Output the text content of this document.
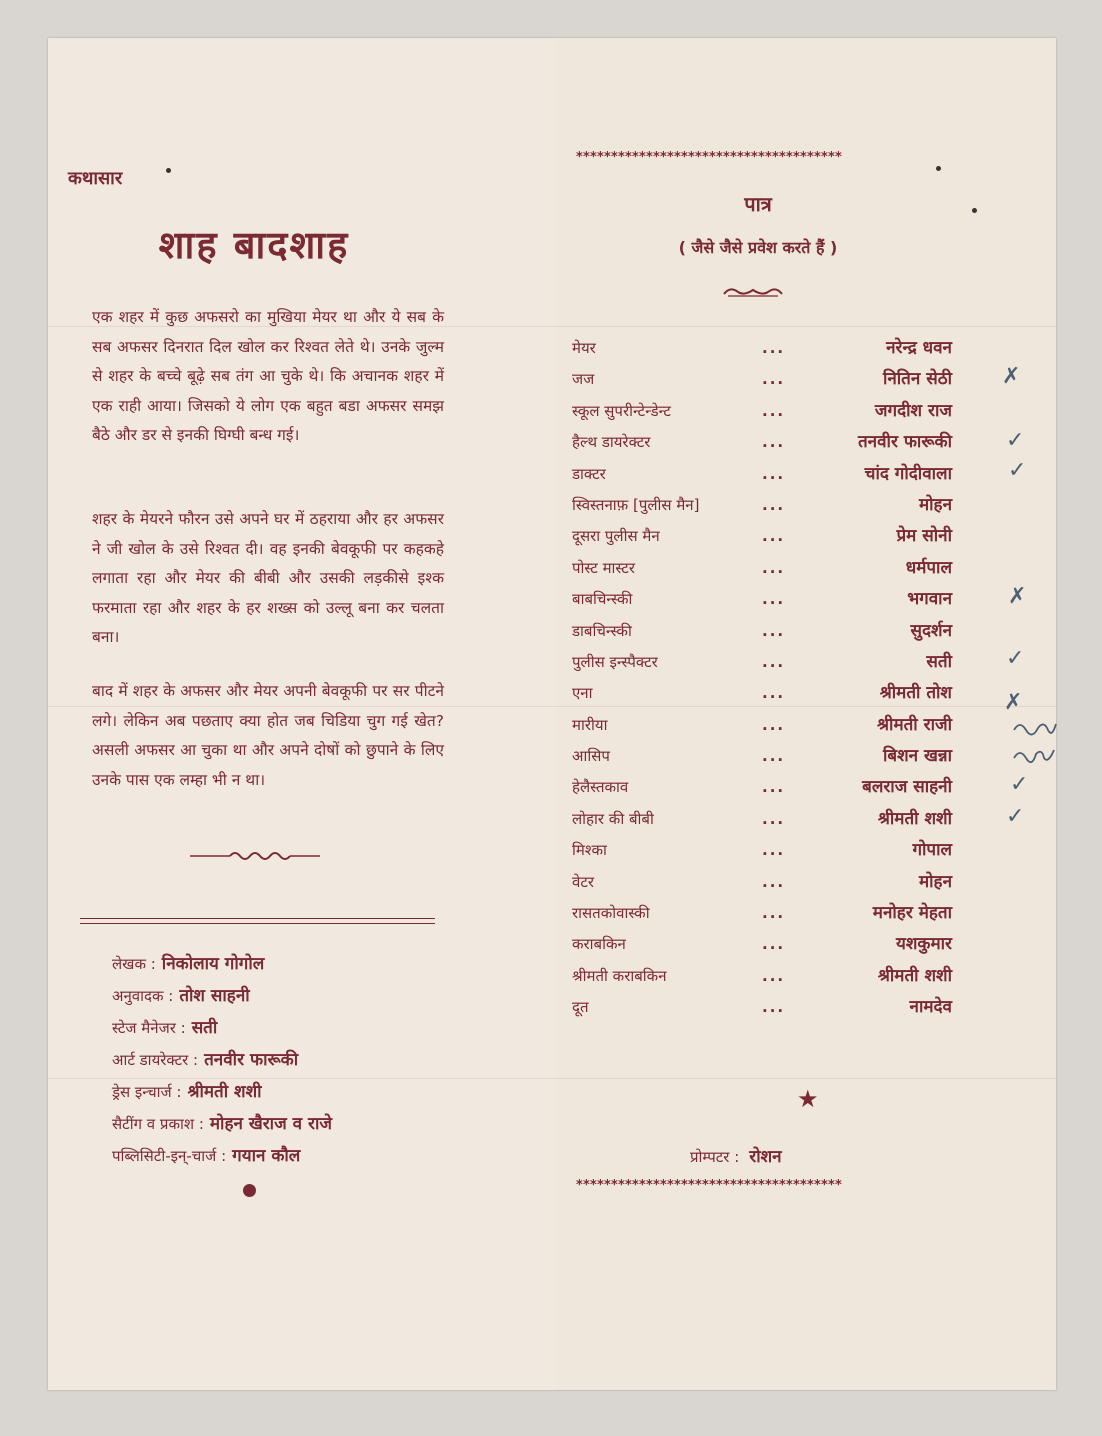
कथासार
शाह बादशाह

एक शहर में कुछ अफसरो का मुखिया मेयर था और ये सब के सब अफसर दिनरात दिल खोल कर रिश्वत लेते थे। उनके जुल्म से शहर के बच्चे बूढ़े सब तंग आ चुके थे। कि अचानक शहर में एक राही आया। जिसको ये लोग एक बहुत बडा अफसर समझ बैठे और डर से इनकी घिग्घी बन्ध गई।

शहर के मेयरने फौरन उसे अपने घर में ठहराया और हर अफसर ने जी खोल के उसे रिश्वत दी। वह इनकी बेवकूफी पर कहकहे लगाता रहा और मेयर की बीबी और उसकी लड़कीसे इश्क फरमाता रहा और शहर के हर शख्स को उल्लू बना कर चलता बना।

बाद में शहर के अफसर और मेयर अपनी बेवकूफी पर सर पीटने लगे। लेकिन अब पछताए क्या होत जब चिडिया चुग गई खेत? असली अफसर आ चुका था और अपने दोषों को छुपाने के लिए उनके पास एक लम्हा भी न था।

लेखक : निकोलाय गोगोल
अनुवादक : तोश साहनी
स्टेज मैनेजर : सती
आर्ट डायरेक्टर : तनवीर फारूकी
ड्रेस इन्चार्ज : श्रीमती शशी
सैटींग व प्रकाश : मोहन खैराज व राजे
पब्लिसिटी-इन्-चार्ज : गयान कौल
**************************************
पात्र
( जैसे जैसे प्रवेश करते हैं )
मेयर	...	नरेन्द्र धवन
जज	...	नितिन सेठी
स्कूल सुपरीन्टेन्डेन्ट	...	जगदीश राज
हैल्थ डायरेक्टर	...	तनवीर फारूकी
डाक्टर	...	चांद गोदीवाला
स्विस्तनाफ़ [पुलीस मैन]	...	मोहन
दूसरा पुलीस मैन	...	प्रेम सोनी
पोस्ट मास्टर	...	धर्मपाल
बाबचिन्स्की	...	भगवान
डाबचिन्स्की	...	सुदर्शन
पुलीस इन्स्पैक्टर	...	सती
एना	...	श्रीमती तोश
मारीया	...	श्रीमती राजी
आसिप	...	बिशन खन्ना
हेलैस्तकाव	...	बलराज साहनी
लोहार की बीबी	...	श्रीमती शशी
मिश्का	...	गोपाल
वेटर	...	मोहन
रासतकोवास्की	...	मनोहर मेहता
कराबकिन	...	यशकुमार
श्रीमती कराबकिन	...	श्रीमती शशी
दूत	...	नामदेव
★
प्रोम्पटर : रोशन
**************************************
✗
✓
✓
✗
✓
✗
✓
✓
